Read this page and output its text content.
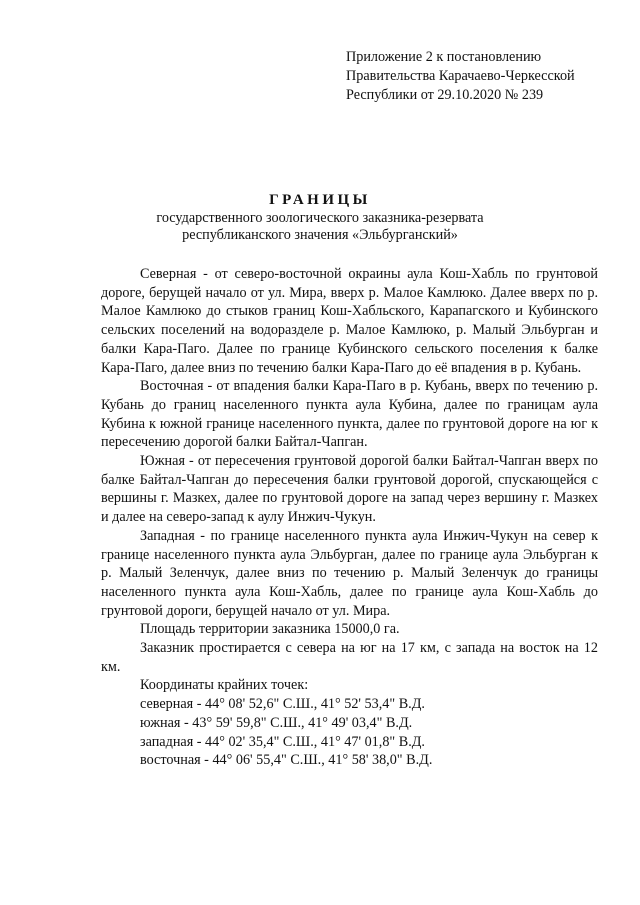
Приложение 2 к постановлению
Правительства Карачаево-Черкесской
Республики от 29.10.2020 № 239
ГРАНИЦЫ
государственного зоологического заказника-резервата
республиканского значения «Эльбурганский»

Северная - от северо-восточной окраины аула Кош-Хабль по грунтовой дороге, берущей начало от ул. Мира, вверх р. Малое Камлюко. Далее вверх по р. Малое Камлюко до стыков границ Кош-Хабльского, Карапагского и Кубинского сельских поселений на водоразделе р. Малое Камлюко, р. Малый Эльбурган и балки Кара-Паго. Далее по границе Кубинского сельского поселения к балке Кара-Паго, далее вниз по течению балки Кара-Паго до её впадения в р. Кубань.

Восточная - от впадения балки Кара-Паго в р. Кубань, вверх по течению р. Кубань до границ населенного пункта аула Кубина, далее по границам аула Кубина к южной границе населенного пункта, далее по грунтовой дороге на юг к пересечению дорогой балки Байтал-Чапган.

Южная - от пересечения грунтовой дорогой балки Байтал-Чапган вверх по балке Байтал-Чапган до пересечения балки грунтовой дорогой, спускающейся с вершины г. Мазкех, далее по грунтовой дороге на запад через вершину г. Мазкех и далее на северо-запад к аулу Инжич-Чукун.

Западная - по границе населенного пункта аула Инжич-Чукун на север к границе населенного пункта аула Эльбурган, далее по границе аула Эльбурган к р. Малый Зеленчук, далее вниз по течению р. Малый Зеленчук до границы населенного пункта аула Кош-Хабль, далее по границе аула Кош-Хабль до грунтовой дороги, берущей начало от ул. Мира.

Площадь территории заказника 15000,0 га.

Заказник простирается с севера на юг на 17 км, с запада на восток на 12 км.

Координаты крайних точек:
северная - 44° 08' 52,6" С.Ш., 41° 52' 53,4" В.Д.
южная - 43° 59' 59,8" С.Ш., 41° 49' 03,4" В.Д.
западная - 44° 02' 35,4" С.Ш., 41° 47' 01,8" В.Д.
восточная - 44° 06' 55,4" С.Ш., 41° 58' 38,0" В.Д.
